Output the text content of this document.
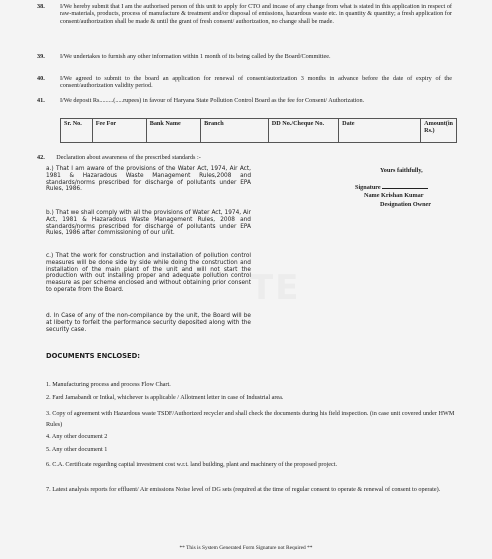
TE
38. I/We hereby submit that I am the authorised person of this unit to apply for CTO and incase of any change from what is stated in this application in respect of raw-materials, products, process of manufacture & treatment and/or disposal of emissions, hazardous waste etc. in quantity & quantity; a fresh application for consent/authorization shall be made & until the grant of fresh consent/ authorization, no change shall be made.
39. I/We undertakes to furnish any other information within 1 month of its being called by the Board/Committee.
40. I/We agreed to submit to the board an application for renewal of consent/autorization 3 months in advance before the date of expiry of the consent/authorization validity period.
41. I/We deposit Rs.........(.....rupees) in favour of Haryana State Pollution Control Board as the fee for Consent/ Authorization.
Sr. No.	Fee For	Bank Name	Branch	DD No./Cheque No.	Date	Amount(in Rs.)
42. Declaration about awareness of the prescribed standards :-
a.) That I am aware of the provisions of the Water Act, 1974, Air Act, 1981 & Hazaradous Waste Management Rules,2008 and standards/norms prescribed for discharge of pollutants under EPA Rules, 1986.
b.) That we shall comply with all the provisions of Water Act, 1974, Air Act, 1981 & Hazaradous Waste Management Rules, 2008 and standards/norms prescribed for discharge of pollutants under EPA Rules, 1986 after commissioning of our unit.
c.) That the work for construction and installation of pollution control measures will be done side by side while doing the construction and installation of the main plant of the unit and will not start the production with out installing proper and adequate pollution control measure as per scheme enclosed and without obtaining prior consent to operate from the Board.
d. In Case of any of the non-compilance by the unit, the Board will be at liberty to forfeit the performance security deposited along with the security case.
Yours faithfully,
Signature
Name Krishan Kumar
Designation Owner
DOCUMENTS ENCLOSED:
1. Manufacturing process and process Flow Chart.
2. Fard Jamabandi or Intkal, whichever is applicable / Allotment letter in case of Industrial area.
3. Copy of agreement with Hazardous waste TSDF/Authorized recycler and shall check the documents during his field inspection. (in case unit covered under HWM Rules)
4. Any other document 2
5. Any other document 1
6. C.A. Certificate regarding capital investment cost w.r.t. land building, plant and machinery of the proposed project.
7. Latest analysis reports for effluent/ Air emissions Noise level of DG sets (required at the time of regular consent to operate & renewal of consent to operate).
** This is System Generated Form Signature not Required **
